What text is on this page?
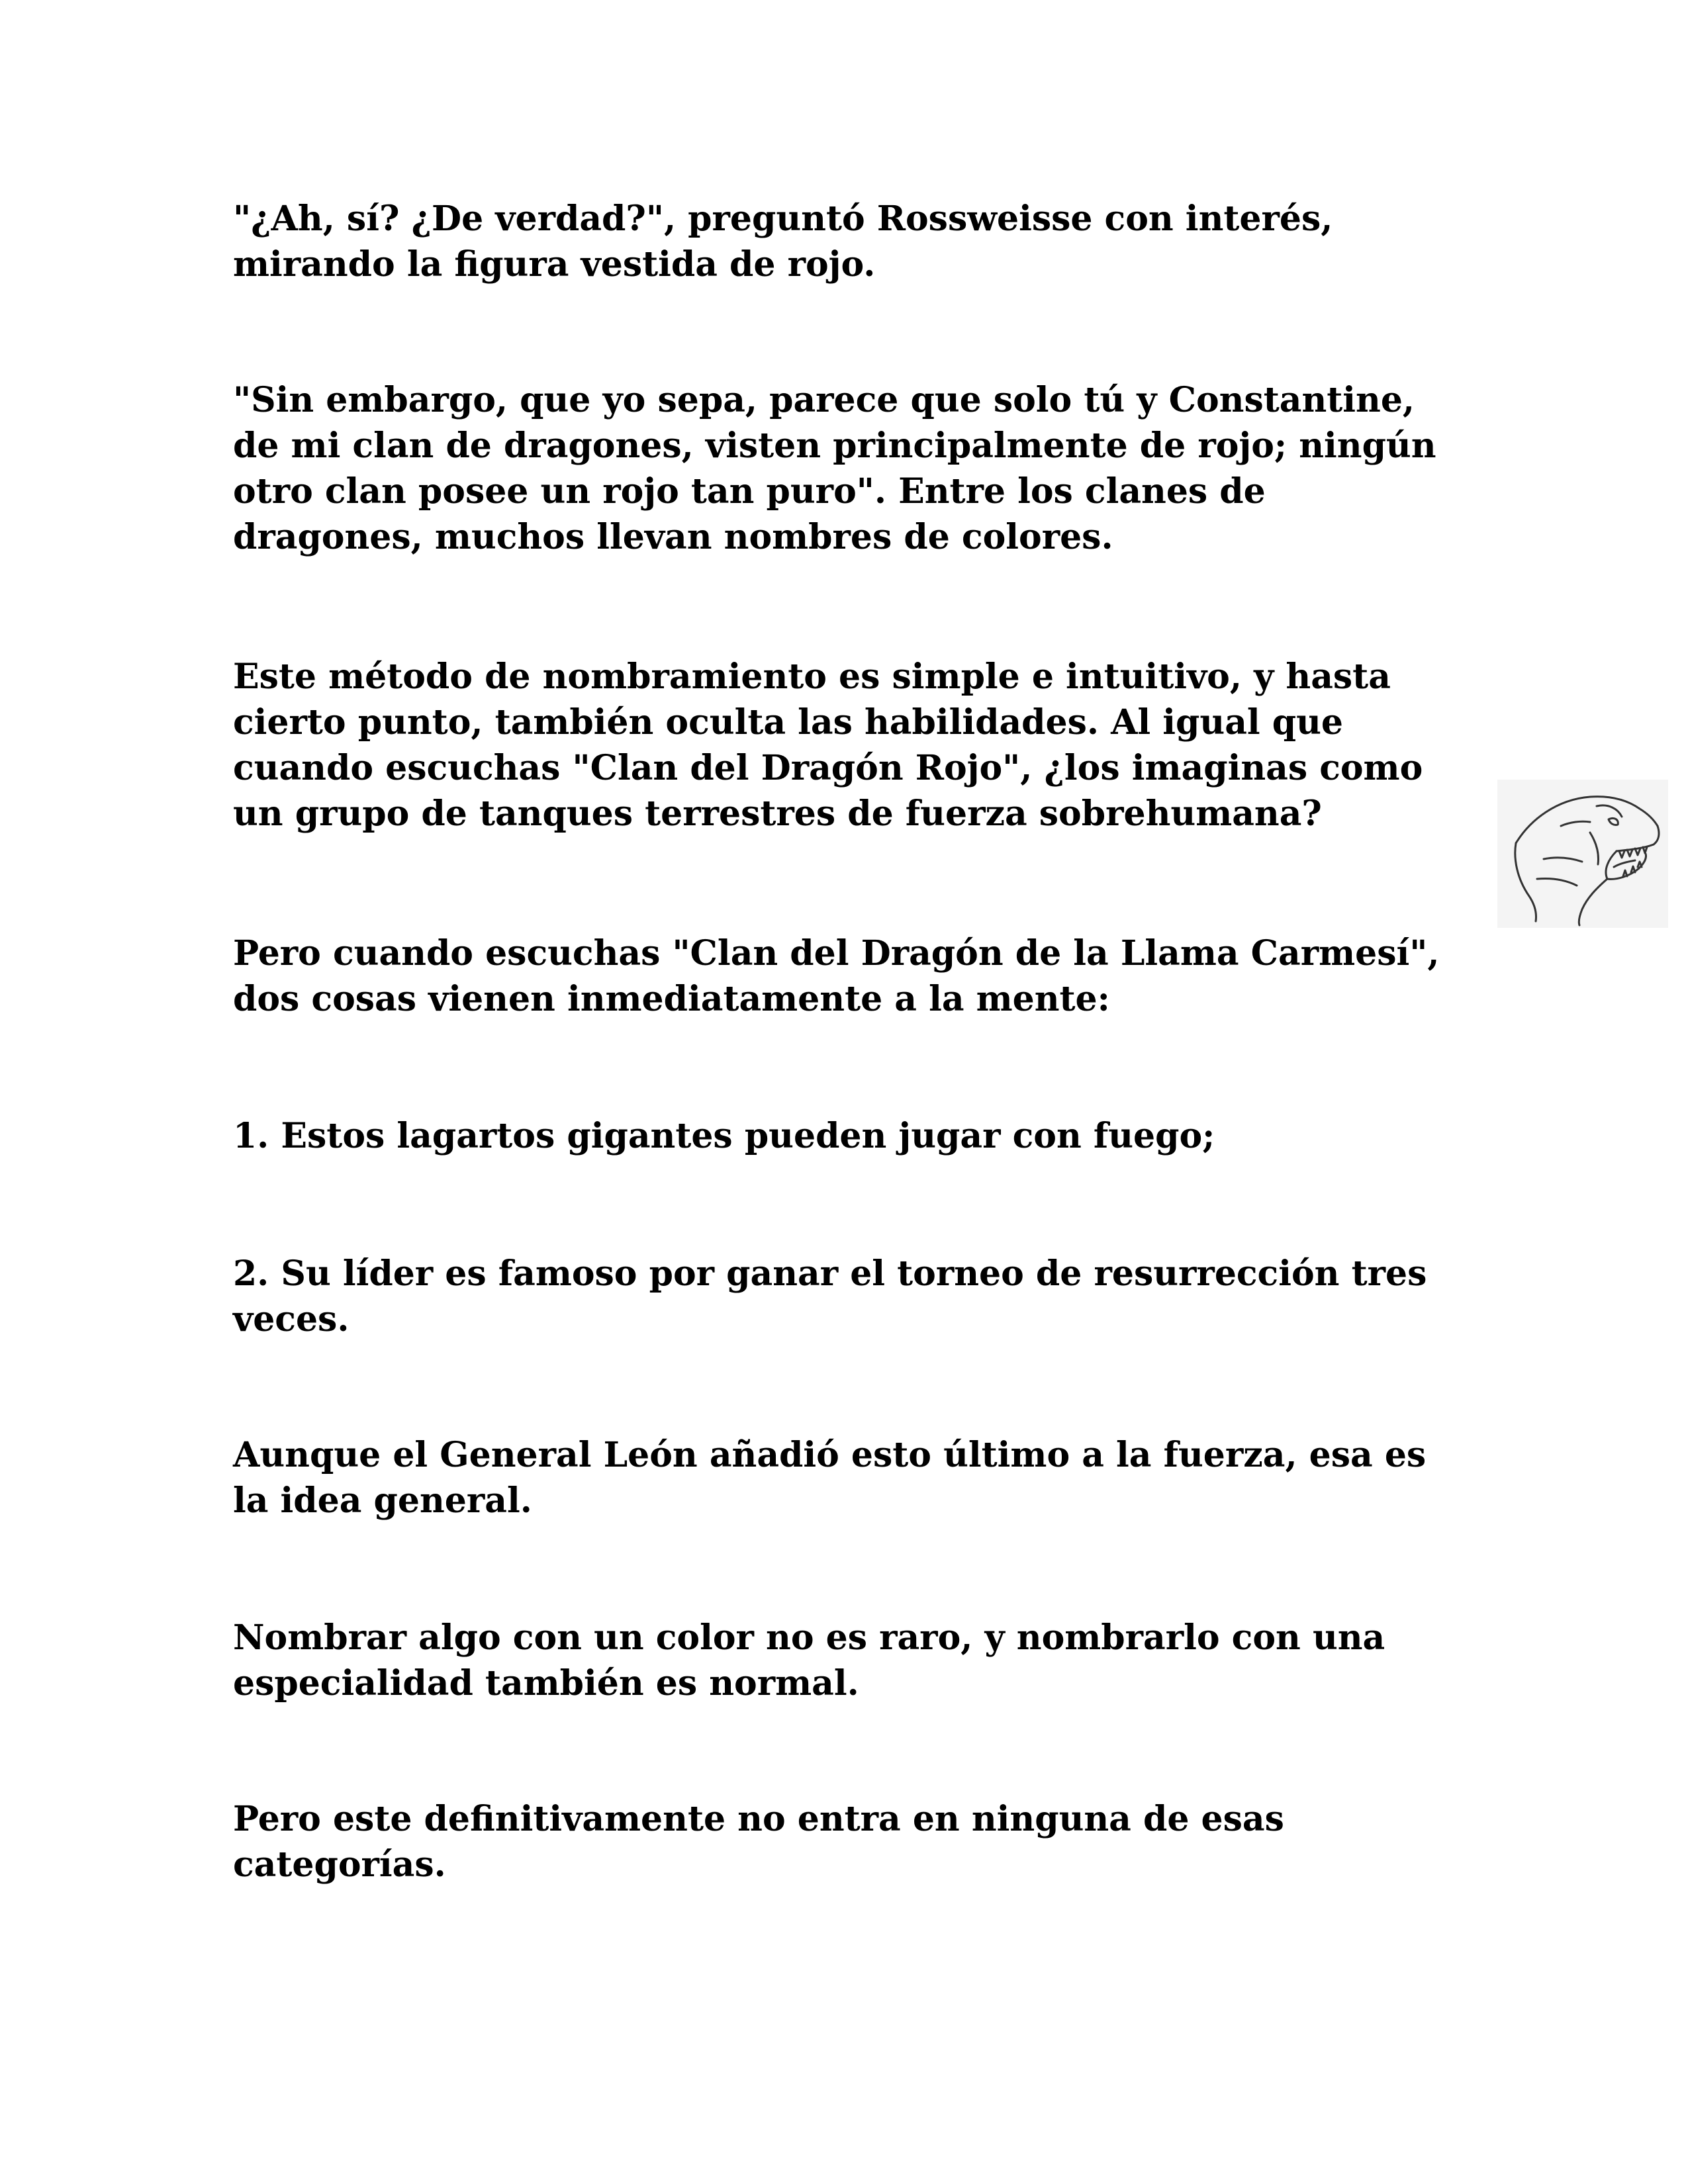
"¿Ah, sí? ¿De verdad?", preguntó Rossweisse con interés,
mirando la figura vestida de rojo.

"Sin embargo, que yo sepa, parece que solo tú y Constantine,
de mi clan de dragones, visten principalmente de rojo; ningún
otro clan posee un rojo tan puro". Entre los clanes de
dragones, muchos llevan nombres de colores.

Este método de nombramiento es simple e intuitivo, y hasta
cierto punto, también oculta las habilidades. Al igual que
cuando escuchas "Clan del Dragón Rojo", ¿los imaginas como
un grupo de tanques terrestres de fuerza sobrehumana?

Pero cuando escuchas "Clan del Dragón de la Llama Carmesí",
dos cosas vienen inmediatamente a la mente:

1. Estos lagartos gigantes pueden jugar con fuego;

2. Su líder es famoso por ganar el torneo de resurrección tres
veces.

Aunque el General León añadió esto último a la fuerza, esa es
la idea general.

Nombrar algo con un color no es raro, y nombrarlo con una
especialidad también es normal.

Pero este definitivamente no entra en ninguna de esas
categorías.
